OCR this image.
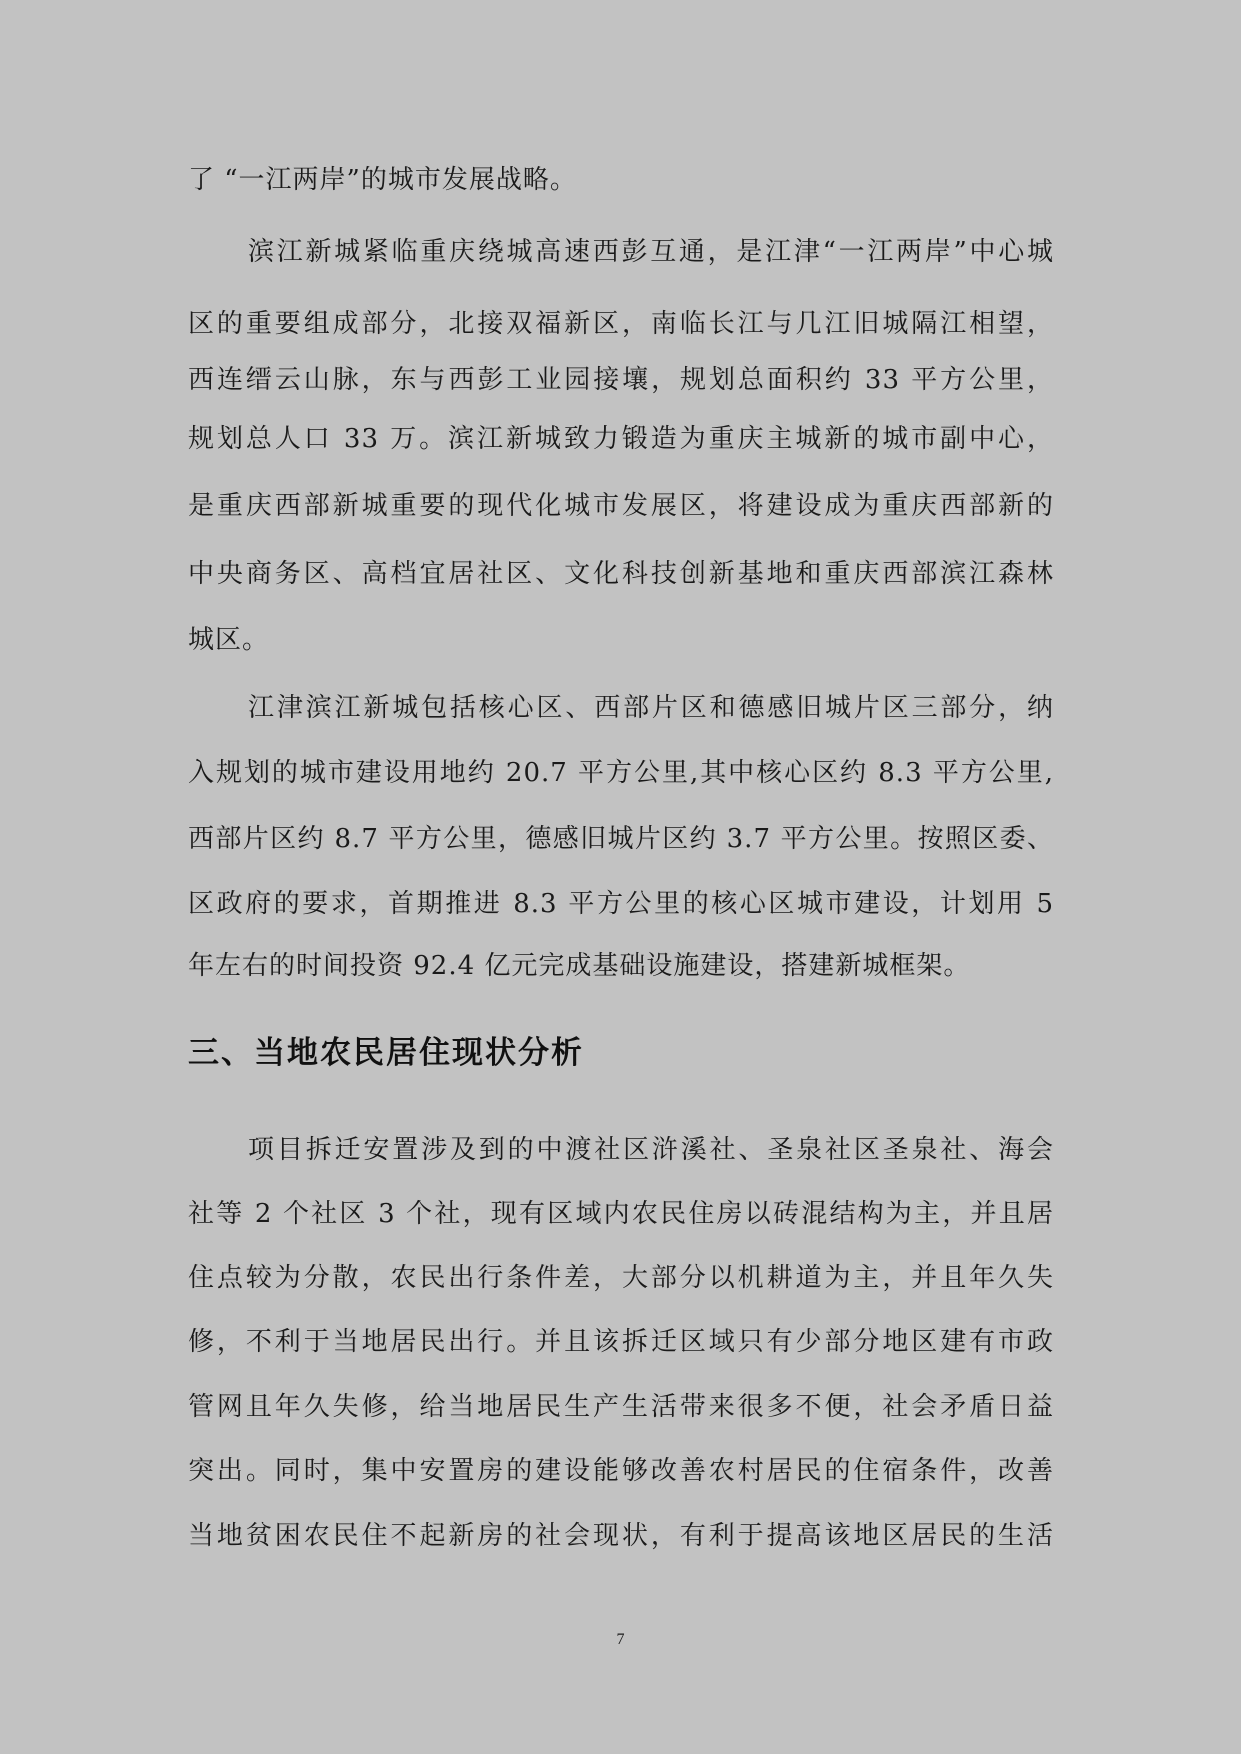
了 “一江两岸”的城市发展战略。
滨江新城紧临重庆绕城高速西彭互通，是江津“一江两岸”中心城
区的重要组成部分，北接双福新区，南临长江与几江旧城隔江相望，
西连缙云山脉，东与西彭工业园接壤，规划总面积约 33 平方公里，
规划总人口 33 万。滨江新城致力锻造为重庆主城新的城市副中心，
是重庆西部新城重要的现代化城市发展区，将建设成为重庆西部新的
中央商务区、高档宜居社区、文化科技创新基地和重庆西部滨江森林
城区。
江津滨江新城包括核心区、西部片区和德感旧城片区三部分，纳
入规划的城市建设用地约 20.7 平方公里,其中核心区约 8.3 平方公里,
西部片区约 8.7 平方公里，德感旧城片区约 3.7 平方公里。按照区委、
区政府的要求，首期推进 8.3 平方公里的核心区城市建设，计划用 5
年左右的时间投资 92.4 亿元完成基础设施建设，搭建新城框架。
三、当地农民居住现状分析
项目拆迁安置涉及到的中渡社区浒溪社、圣泉社区圣泉社、海会
社等 2 个社区 3 个社，现有区域内农民住房以砖混结构为主，并且居
住点较为分散，农民出行条件差，大部分以机耕道为主，并且年久失
修，不利于当地居民出行。并且该拆迁区域只有少部分地区建有市政
管网且年久失修，给当地居民生产生活带来很多不便，社会矛盾日益
突出。同时，集中安置房的建设能够改善农村居民的住宿条件，改善
当地贫困农民住不起新房的社会现状，有利于提高该地区居民的生活
7
